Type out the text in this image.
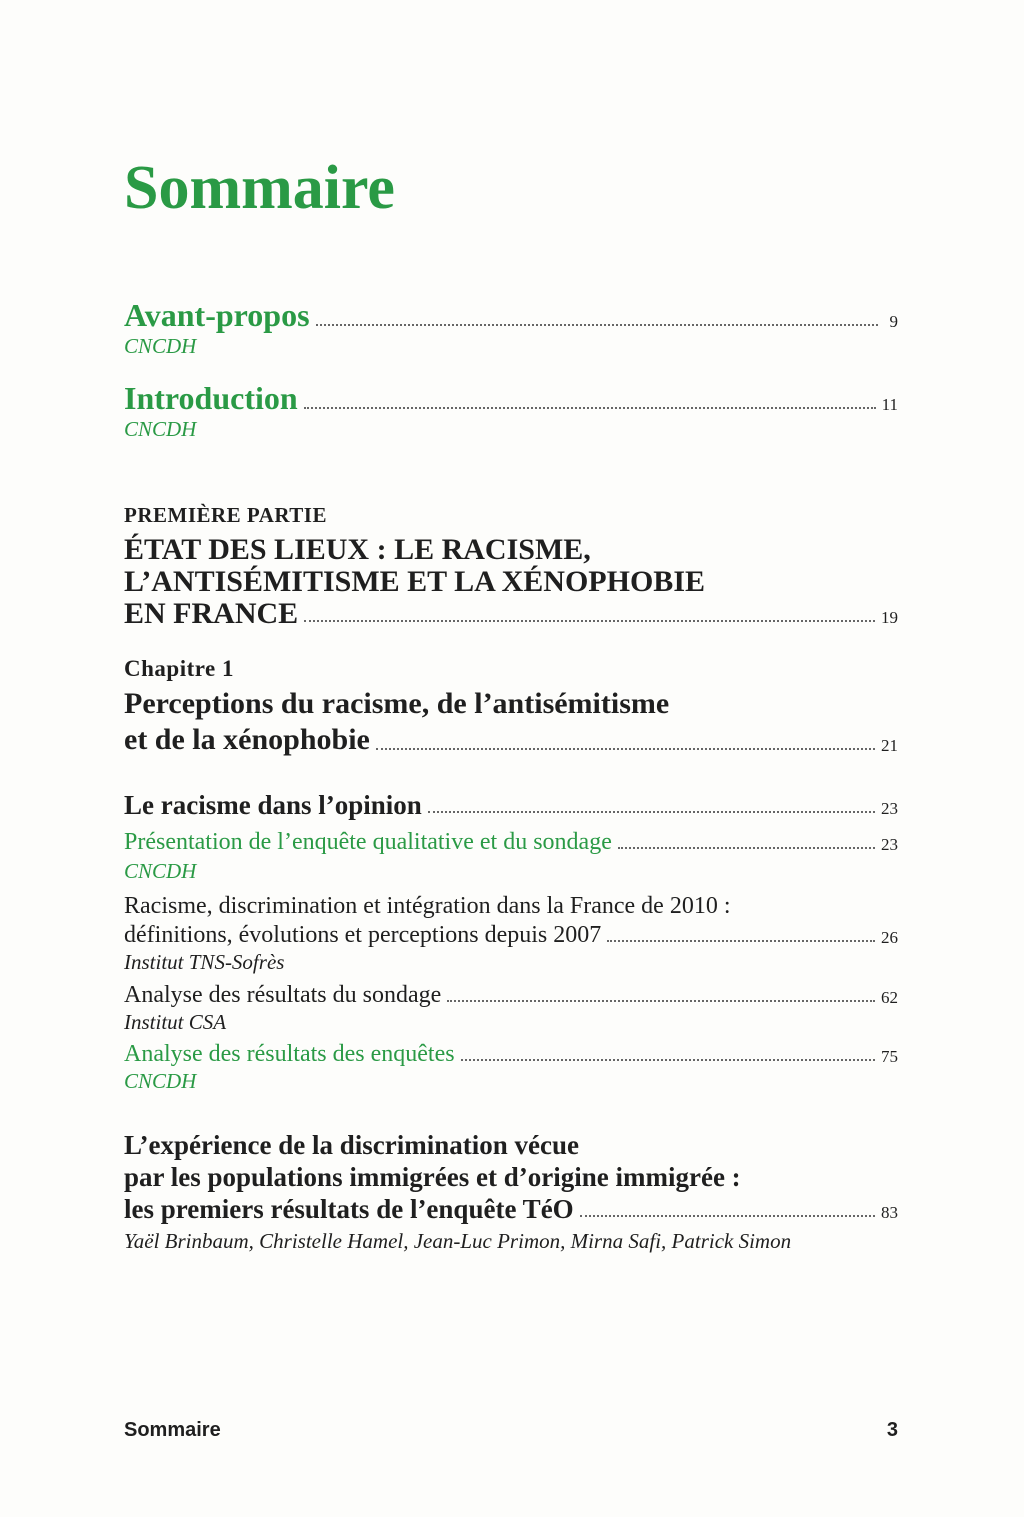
Sommaire
Avant-propos	9
CNCDH
Introduction	11
CNCDH
PREMIÈRE PARTIE
ÉTAT DES LIEUX : LE RACISME,
L’ANTISÉMITISME ET LA XÉNOPHOBIE
EN FRANCE	19
Chapitre 1
Perceptions du racisme, de l’antisémitisme
et de la xénophobie	21
Le racisme dans l’opinion	23
Présentation de l’enquête qualitative et du sondage	23
CNCDH
Racisme, discrimination et intégration dans la France de 2010 :
définitions, évolutions et perceptions depuis 2007	26
Institut TNS-Sofrès
Analyse des résultats du sondage	62
Institut CSA
Analyse des résultats des enquêtes	75
CNCDH
L’expérience de la discrimination vécue
par les populations immigrées et d’origine immigrée :
les premiers résultats de l’enquête TéO	83
Yaël Brinbaum, Christelle Hamel, Jean-Luc Primon, Mirna Safi, Patrick Simon
Sommaire	3
